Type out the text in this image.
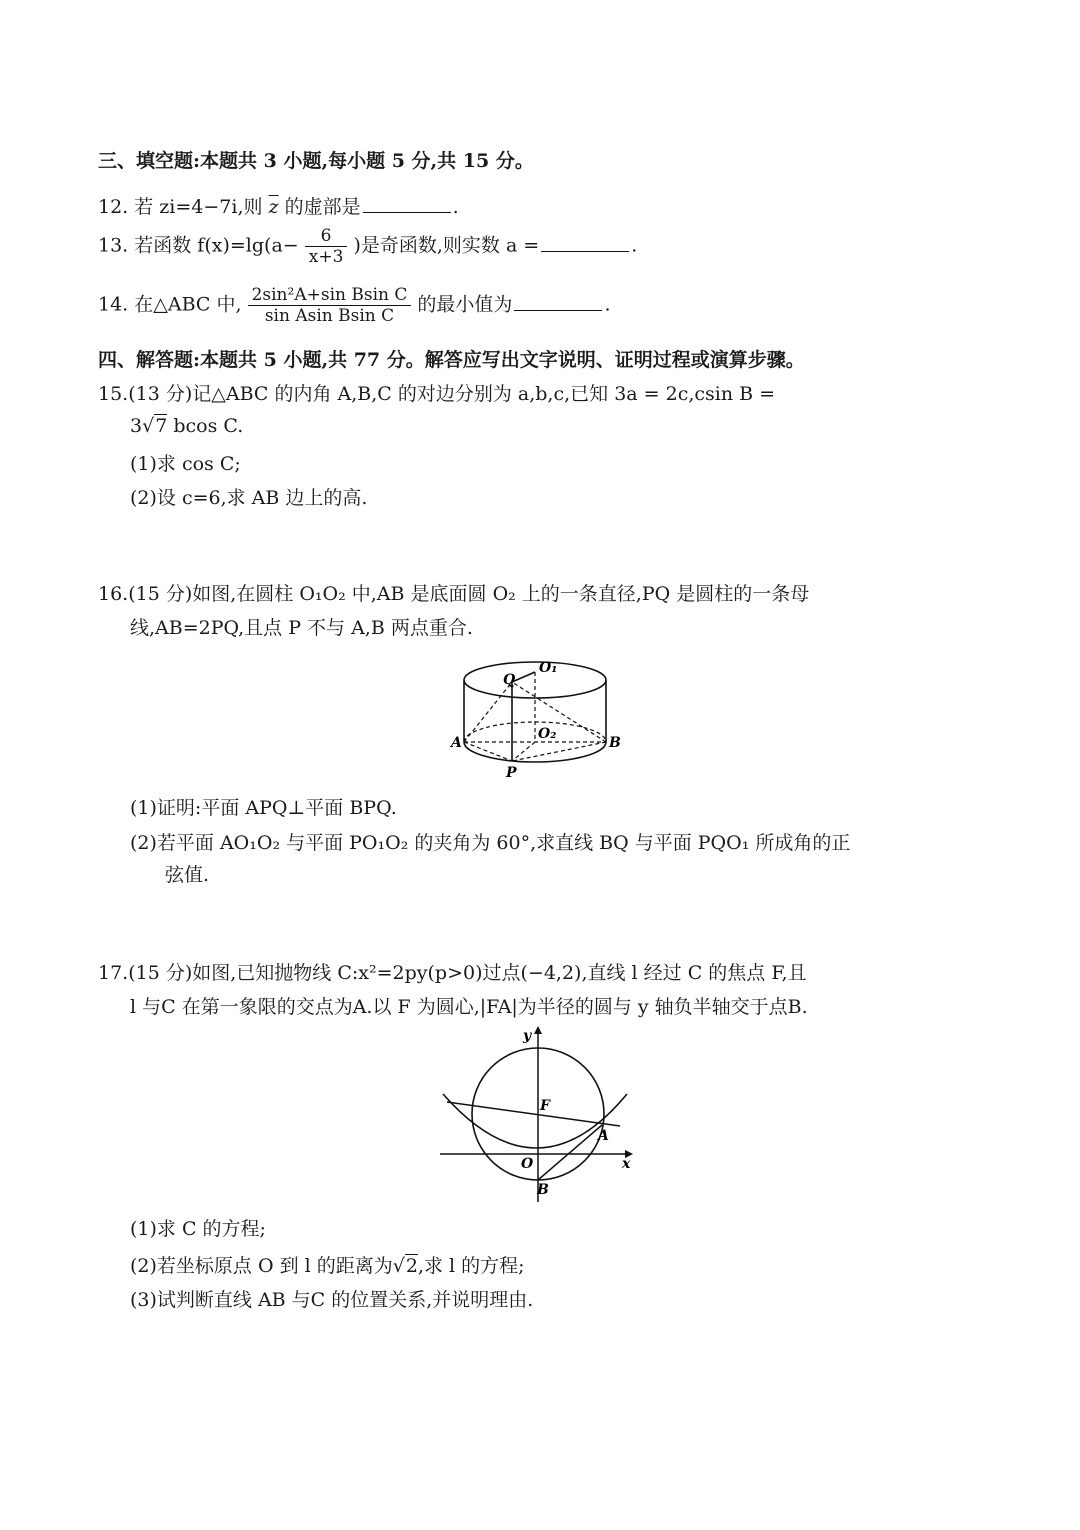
三、填空题:本题共 3 小题,每小题 5 分,共 15 分。
12. 若 zi=4−7i,则 $\overline{z}$ 的虚部是	.
13. 若函数 $f(x)=\lg(a- \frac{6}{x+3}$ )是奇函数,则实数 a =	.
14. 在△ABC 中, $\frac{\text{2sin²A+sin Bsin C}}{\text{sin Asin Bsin C}}$ 的最小值为	.
四、解答题:本题共 5 小题,共 77 分。解答应写出文字说明、证明过程或演算步骤。
15.(13 分)记△ABC 的内角 A,B,C 的对边分别为 a,b,c,已知 3a = 2c,csin B =
3√7 bcos C.
(1)求 cos C;
(2)设 c=6,求 AB 边上的高.
16.(15 分)如图,在圆柱 O₁O₂ 中,AB 是底面圆 O₂ 上的一条直径,PQ 是圆柱的一条母
线,AB=2PQ,且点 P 不与 A,B 两点重合.
Q
O₁
O₂
A	B
P
(1)证明:平面 APQ⊥平面 BPQ.
(2)若平面 AO₁O₂ 与平面 PO₁O₂ 的夹角为 60°,求直线 BQ 与平面 PQO₁ 所成角的正
弦值.
17.(15 分)如图,已知抛物线 C:x²=2py(p>0)过点(−4,2),直线 l 经过 C 的焦点 F,且
l 与C 在第一象限的交点为A.以 F 为圆心,|FA|为半径的圆与 y 轴负半轴交于点B.
y
x
F
A
O
B
(1)求 C 的方程;
(2)若坐标原点 O 到 l 的距离为√2,求 l 的方程;
(3)试判断直线 AB 与C 的位置关系,并说明理由.
